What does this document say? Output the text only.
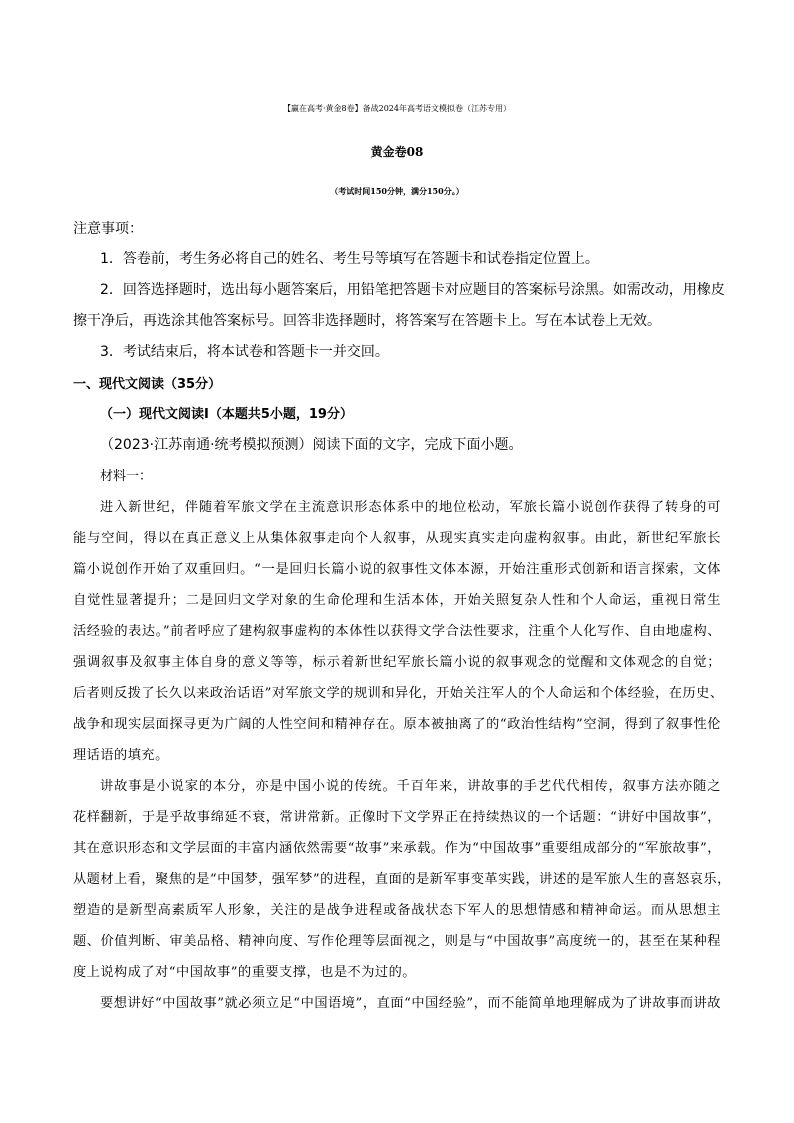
【赢在高考·黄金8卷】备战2024年高考语文模拟卷（江苏专用）
黄金卷08
（考试时间150分钟，满分150分。）
注意事项：
1．答卷前，考生务必将自己的姓名、考生号等填写在答题卡和试卷指定位置上。
2．回答选择题时，选出每小题答案后，用铅笔把答题卡对应题目的答案标号涂黑。如需改动，用橡皮
擦干净后，再选涂其他答案标号。回答非选择题时，将答案写在答题卡上。写在本试卷上无效。
3．考试结束后，将本试卷和答题卡一并交回。
一、现代文阅读（35分）
（一）现代文阅读Ⅰ（本题共5小题，19分）
（2023·江苏南通·统考模拟预测）阅读下面的文字，完成下面小题。
材料一：
进入新世纪，伴随着军旅文学在主流意识形态体系中的地位松动，军旅长篇小说创作获得了转身的可
能与空间，得以在真正意义上从集体叙事走向个人叙事，从现实真实走向虚构叙事。由此，新世纪军旅长
篇小说创作开始了双重回归。“一是回归长篇小说的叙事性文体本源，开始注重形式创新和语言探索，文体
自觉性显著提升；二是回归文学对象的生命伦理和生活本体，开始关照复杂人性和个人命运，重视日常生
活经验的表达。”前者呼应了建构叙事虚构的本体性以获得文学合法性要求，注重个人化写作、自由地虚构、
强调叙事及叙事主体自身的意义等等，标示着新世纪军旅长篇小说的叙事观念的觉醒和文体观念的自觉；
后者则反拨了长久以来政治话语”对军旅文学的规训和异化，开始关注军人的个人命运和个体经验，在历史、
战争和现实层面探寻更为广阔的人性空间和精神存在。原本被抽离了的“政治性结构”空洞，得到了叙事性伦
理话语的填充。
讲故事是小说家的本分，亦是中国小说的传统。千百年来，讲故事的手艺代代相传，叙事方法亦随之
花样翻新，于是乎故事绵延不衰，常讲常新。正像时下文学界正在持续热议的一个话题：“讲好中国故事”，
其在意识形态和文学层面的丰富内涵依然需要“故事”来承载。作为“中国故事”重要组成部分的“军旅故事”，
从题材上看，聚焦的是“中国梦，强军梦”的进程，直面的是新军事变革实践，讲述的是军旅人生的喜怒哀乐，
塑造的是新型高素质军人形象，关注的是战争进程或备战状态下军人的思想情感和精神命运。而从思想主
题、价值判断、审美品格、精神向度、写作伦理等层面视之，则是与“中国故事”高度统一的，甚至在某种程
度上说构成了对“中国故事”的重要支撑，也是不为过的。
要想讲好“中国故事”就必须立足“中国语境”，直面“中国经验”，而不能简单地理解成为了讲故事而讲故
